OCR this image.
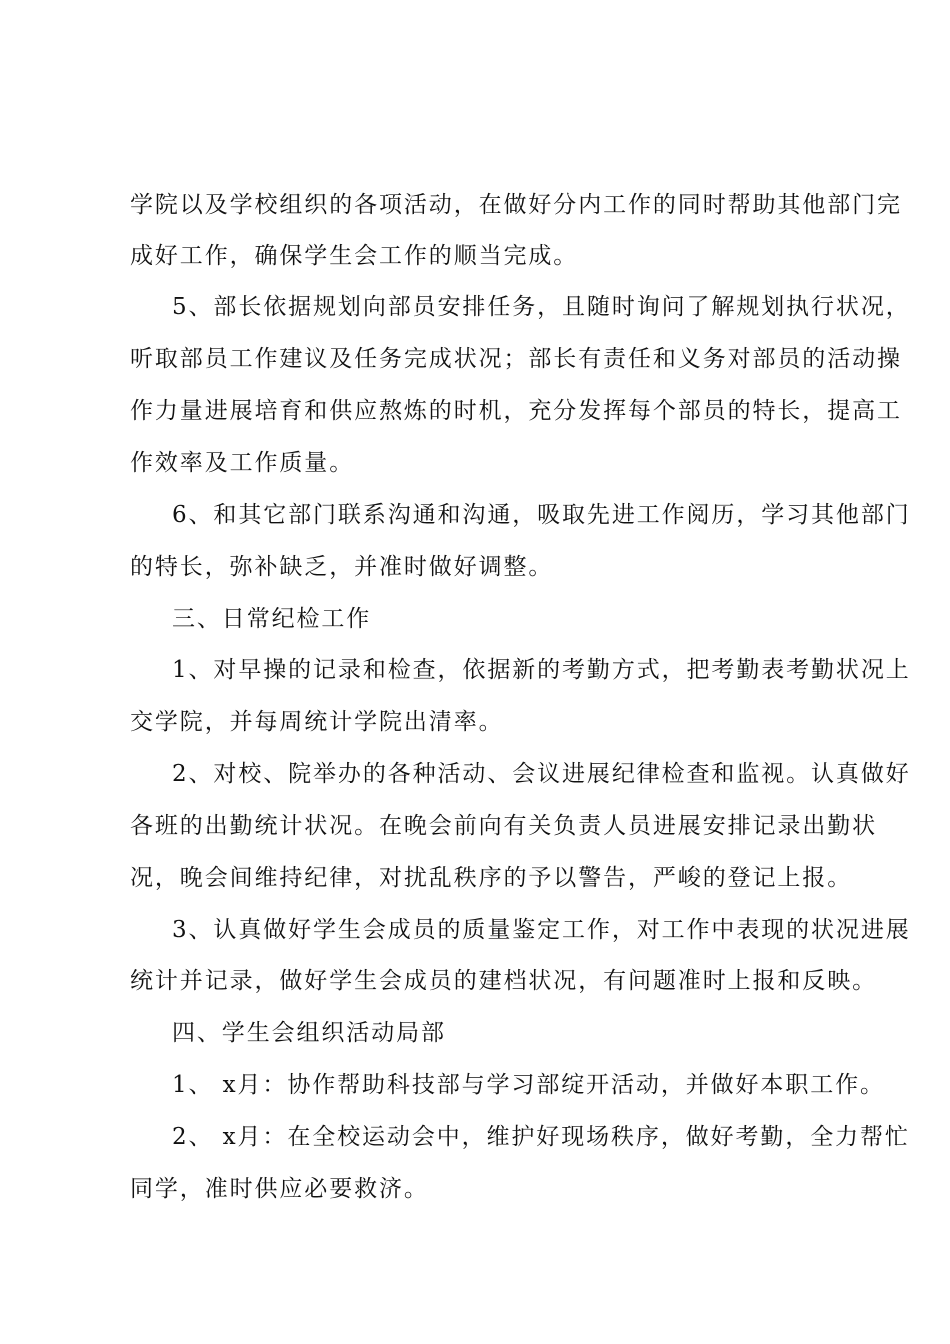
学院以及学校组织的各项活动，在做好分内工作的同时帮助其他部门完
成好工作，确保学生会工作的顺当完成。
5、部长依据规划向部员安排任务，且随时询问了解规划执行状况，
听取部员工作建议及任务完成状况；部长有责任和义务对部员的活动操
作力量进展培育和供应熬炼的时机，充分发挥每个部员的特长，提高工
作效率及工作质量。
6、和其它部门联系沟通和沟通，吸取先进工作阅历，学习其他部门
的特长，弥补缺乏，并准时做好调整。
三、日常纪检工作
1、对早操的记录和检查，依据新的考勤方式，把考勤表考勤状况上
交学院，并每周统计学院出清率。
2、对校、院举办的各种活动、会议进展纪律检查和监视。认真做好
各班的出勤统计状况。在晚会前向有关负责人员进展安排记录出勤状
况，晚会间维持纪律，对扰乱秩序的予以警告，严峻的登记上报。
3、认真做好学生会成员的质量鉴定工作，对工作中表现的状况进展
统计并记录，做好学生会成员的建档状况，有问题准时上报和反映。
四、学生会组织活动局部
1、 x月：协作帮助科技部与学习部绽开活动，并做好本职工作。
2、 x月：在全校运动会中，维护好现场秩序，做好考勤，全力帮忙
同学，准时供应必要救济。
